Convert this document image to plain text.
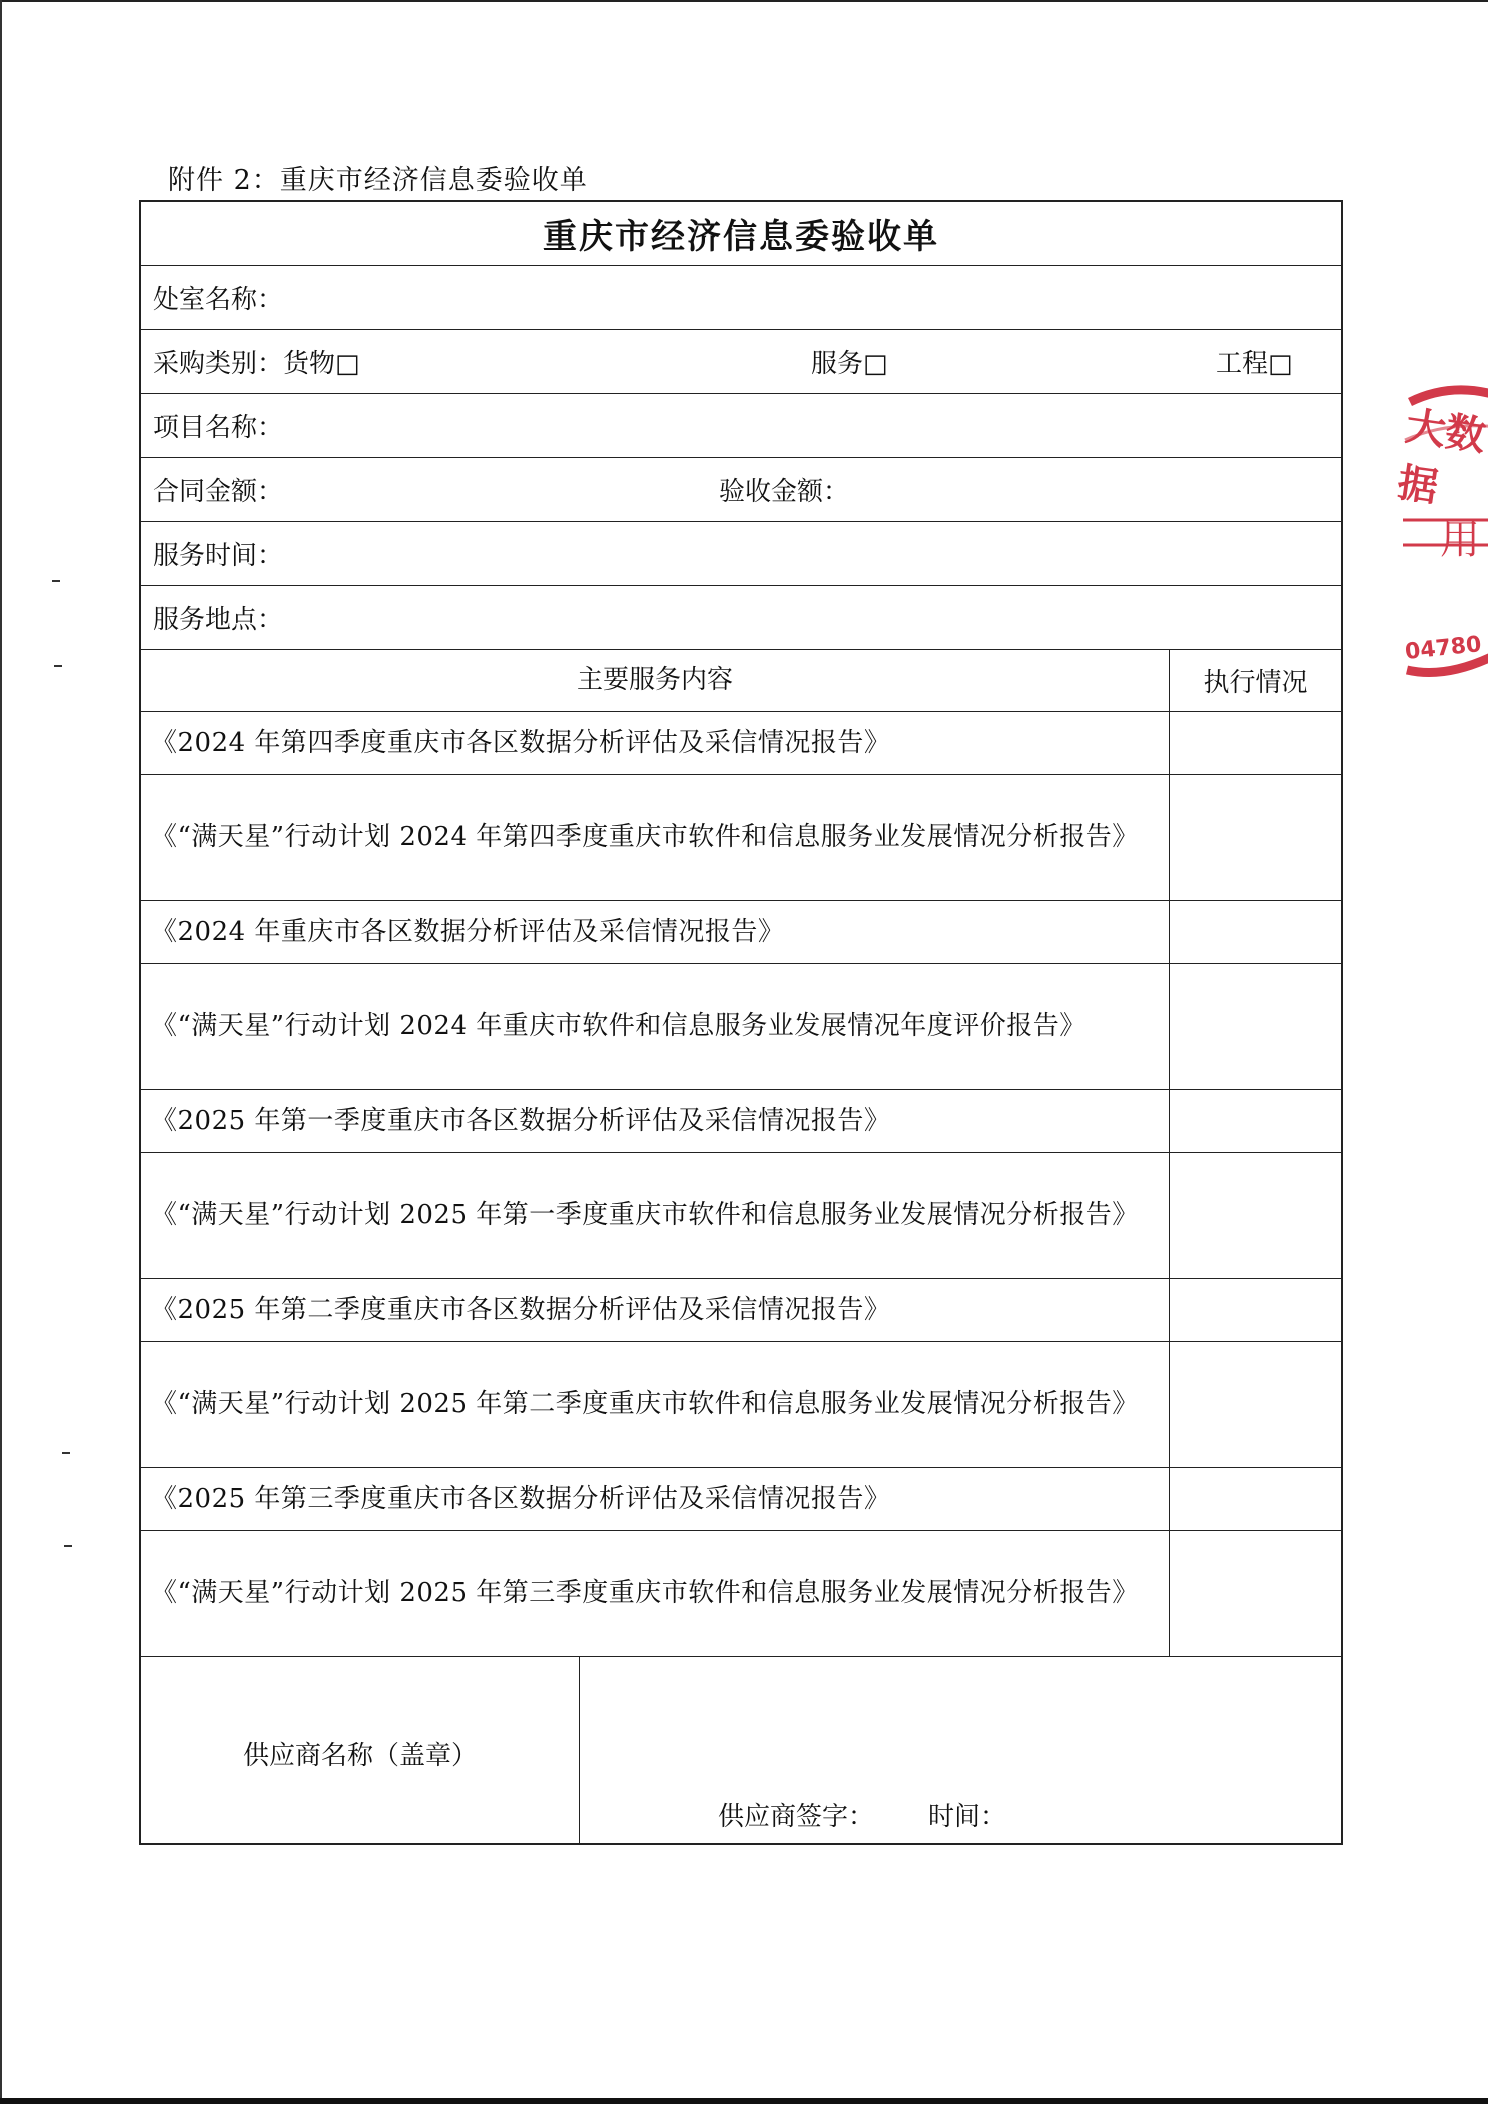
附件 2：重庆市经济信息委验收单
重庆市经济信息委验收单
处室名称：
采购类别： 货物□	服务□	工程□
项目名称：
合同金额：	验收金额：
服务时间：
服务地点：
主要服务内容	执行情况
《2024 年第四季度重庆市各区数据分析评估及采信情况报告》
《“满天星”行动计划 2024 年第四季度重庆市软件和信息服务业发展情况分析报告》
《2024 年重庆市各区数据分析评估及采信情况报告》
《“满天星”行动计划 2024 年重庆市软件和信息服务业发展情况年度评价报告》
《2025 年第一季度重庆市各区数据分析评估及采信情况报告》
《“满天星”行动计划 2025 年第一季度重庆市软件和信息服务业发展情况分析报告》
《2025 年第二季度重庆市各区数据分析评估及采信情况报告》
《“满天星”行动计划 2025 年第二季度重庆市软件和信息服务业发展情况分析报告》
《2025 年第三季度重庆市各区数据分析评估及采信情况报告》
《“满天星”行动计划 2025 年第三季度重庆市软件和信息服务业发展情况分析报告》
供应商名称（盖章）
供应商签字： 时间：
大数据
用
04780
